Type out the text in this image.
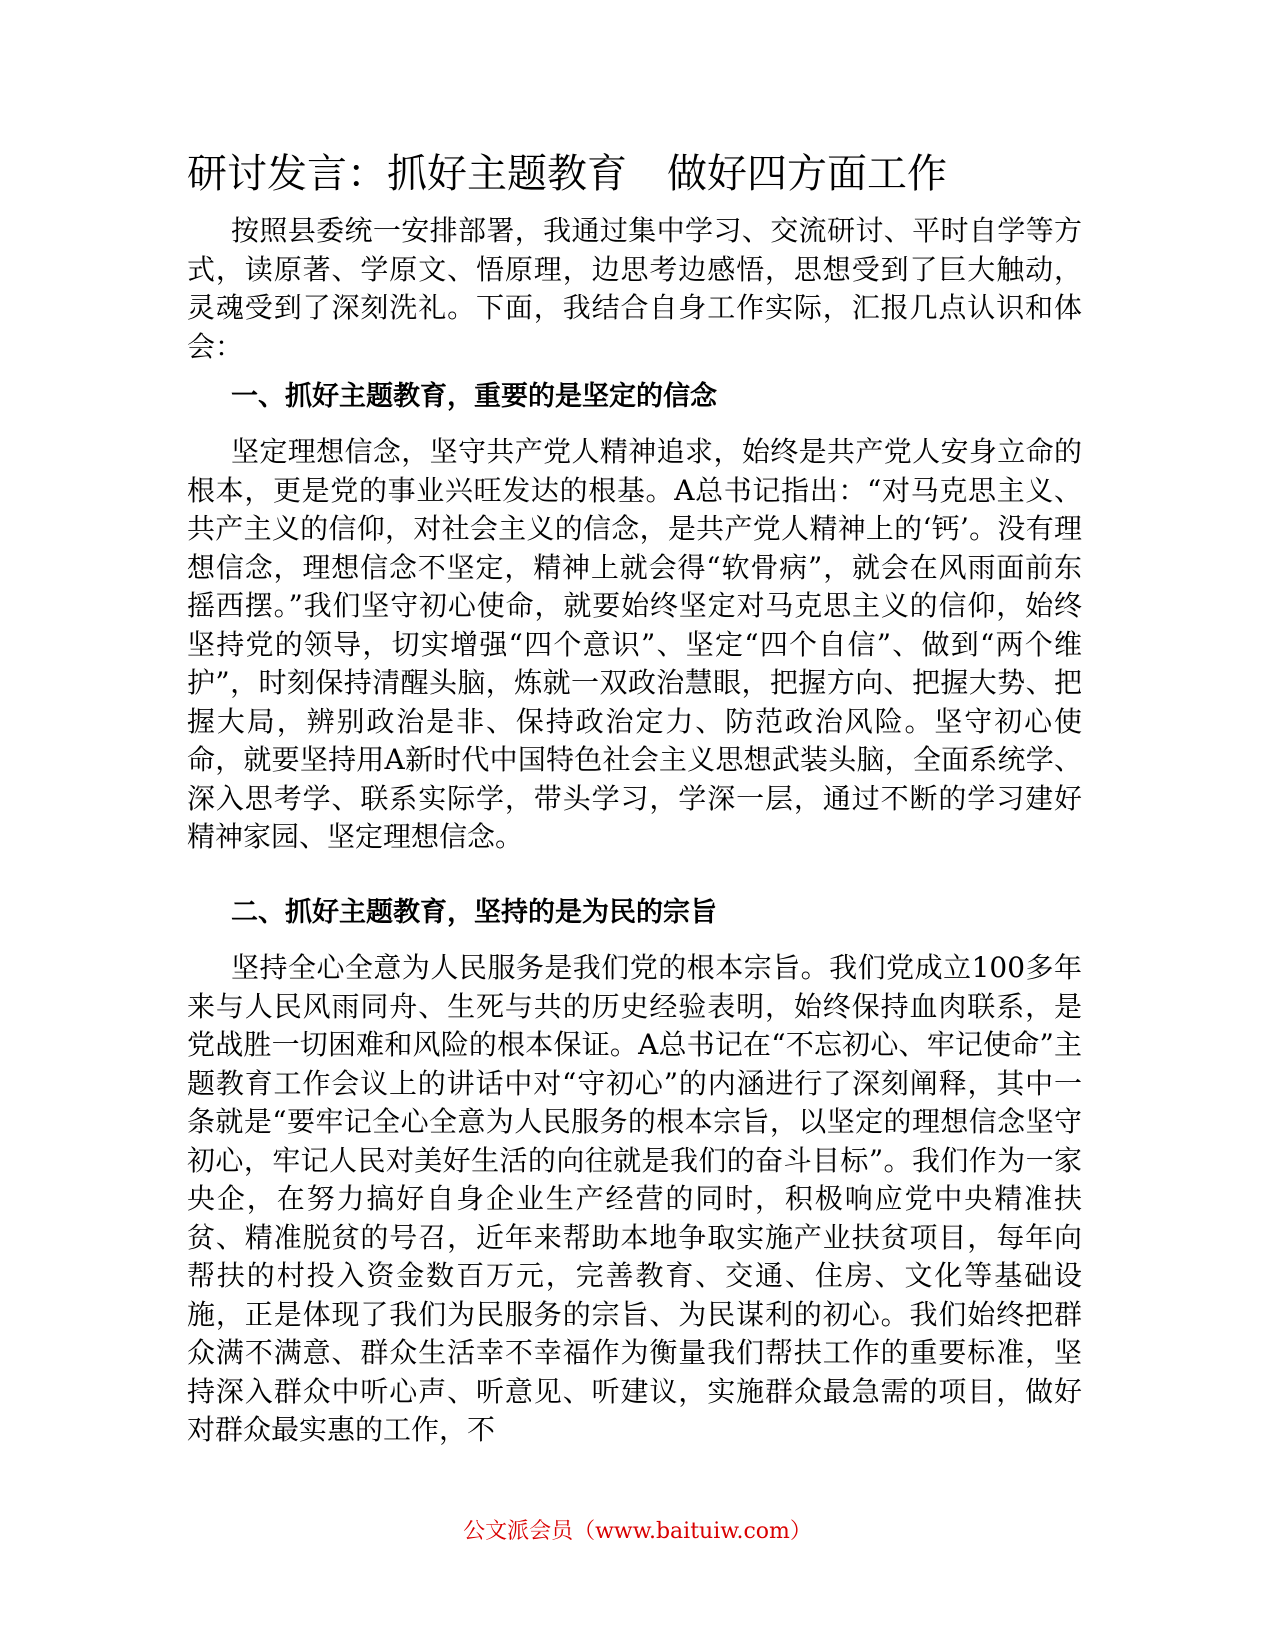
研讨发言：抓好主题教育 做好四方面工作

按照县委统一安排部署，我通过集中学习、交流研讨、平时自学等方式，读原著、学原文、悟原理，边思考边感悟，思想受到了巨大触动，灵魂受到了深刻洗礼。下面，我结合自身工作实际，汇报几点认识和体会：

一、抓好主题教育，重要的是坚定的信念

坚定理想信念，坚守共产党人精神追求，始终是共产党人安身立命的根本，更是党的事业兴旺发达的根基。A总书记指出：“对马克思主义、共产主义的信仰，对社会主义的信念，是共产党人精神上的‘钙’。没有理想信念，理想信念不坚定，精神上就会得“软骨病”，就会在风雨面前东摇西摆。”我们坚守初心使命，就要始终坚定对马克思主义的信仰，始终坚持党的领导，切实增强“四个意识”、坚定“四个自信”、做到“两个维护”，时刻保持清醒头脑，炼就一双政治慧眼，把握方向、把握大势、把握大局，辨别政治是非、保持政治定力、防范政治风险。坚守初心使命，就要坚持用A新时代中国特色社会主义思想武装头脑，全面系统学、深入思考学、联系实际学，带头学习，学深一层，通过不断的学习建好精神家园、坚定理想信念。

二、抓好主题教育，坚持的是为民的宗旨

坚持全心全意为人民服务是我们党的根本宗旨。我们党成立100多年来与人民风雨同舟、生死与共的历史经验表明，始终保持血肉联系，是党战胜一切困难和风险的根本保证。A总书记在“不忘初心、牢记使命”主题教育工作会议上的讲话中对“守初心”的内涵进行了深刻阐释，其中一条就是“要牢记全心全意为人民服务的根本宗旨，以坚定的理想信念坚守初心，牢记人民对美好生活的向往就是我们的奋斗目标”。我们作为一家央企，在努力搞好自身企业生产经营的同时，积极响应党中央精准扶贫、精准脱贫的号召，近年来帮助本地争取实施产业扶贫项目，每年向帮扶的村投入资金数百万元，完善教育、交通、住房、文化等基础设施，正是体现了我们为民服务的宗旨、为民谋利的初心。我们始终把群众满不满意、群众生活幸不幸福作为衡量我们帮扶工作的重要标准，坚持深入群众中听心声、听意见、听建议，实施群众最急需的项目，做好对群众最实惠的工作，不

公文派会员（www.baituiw.com）
